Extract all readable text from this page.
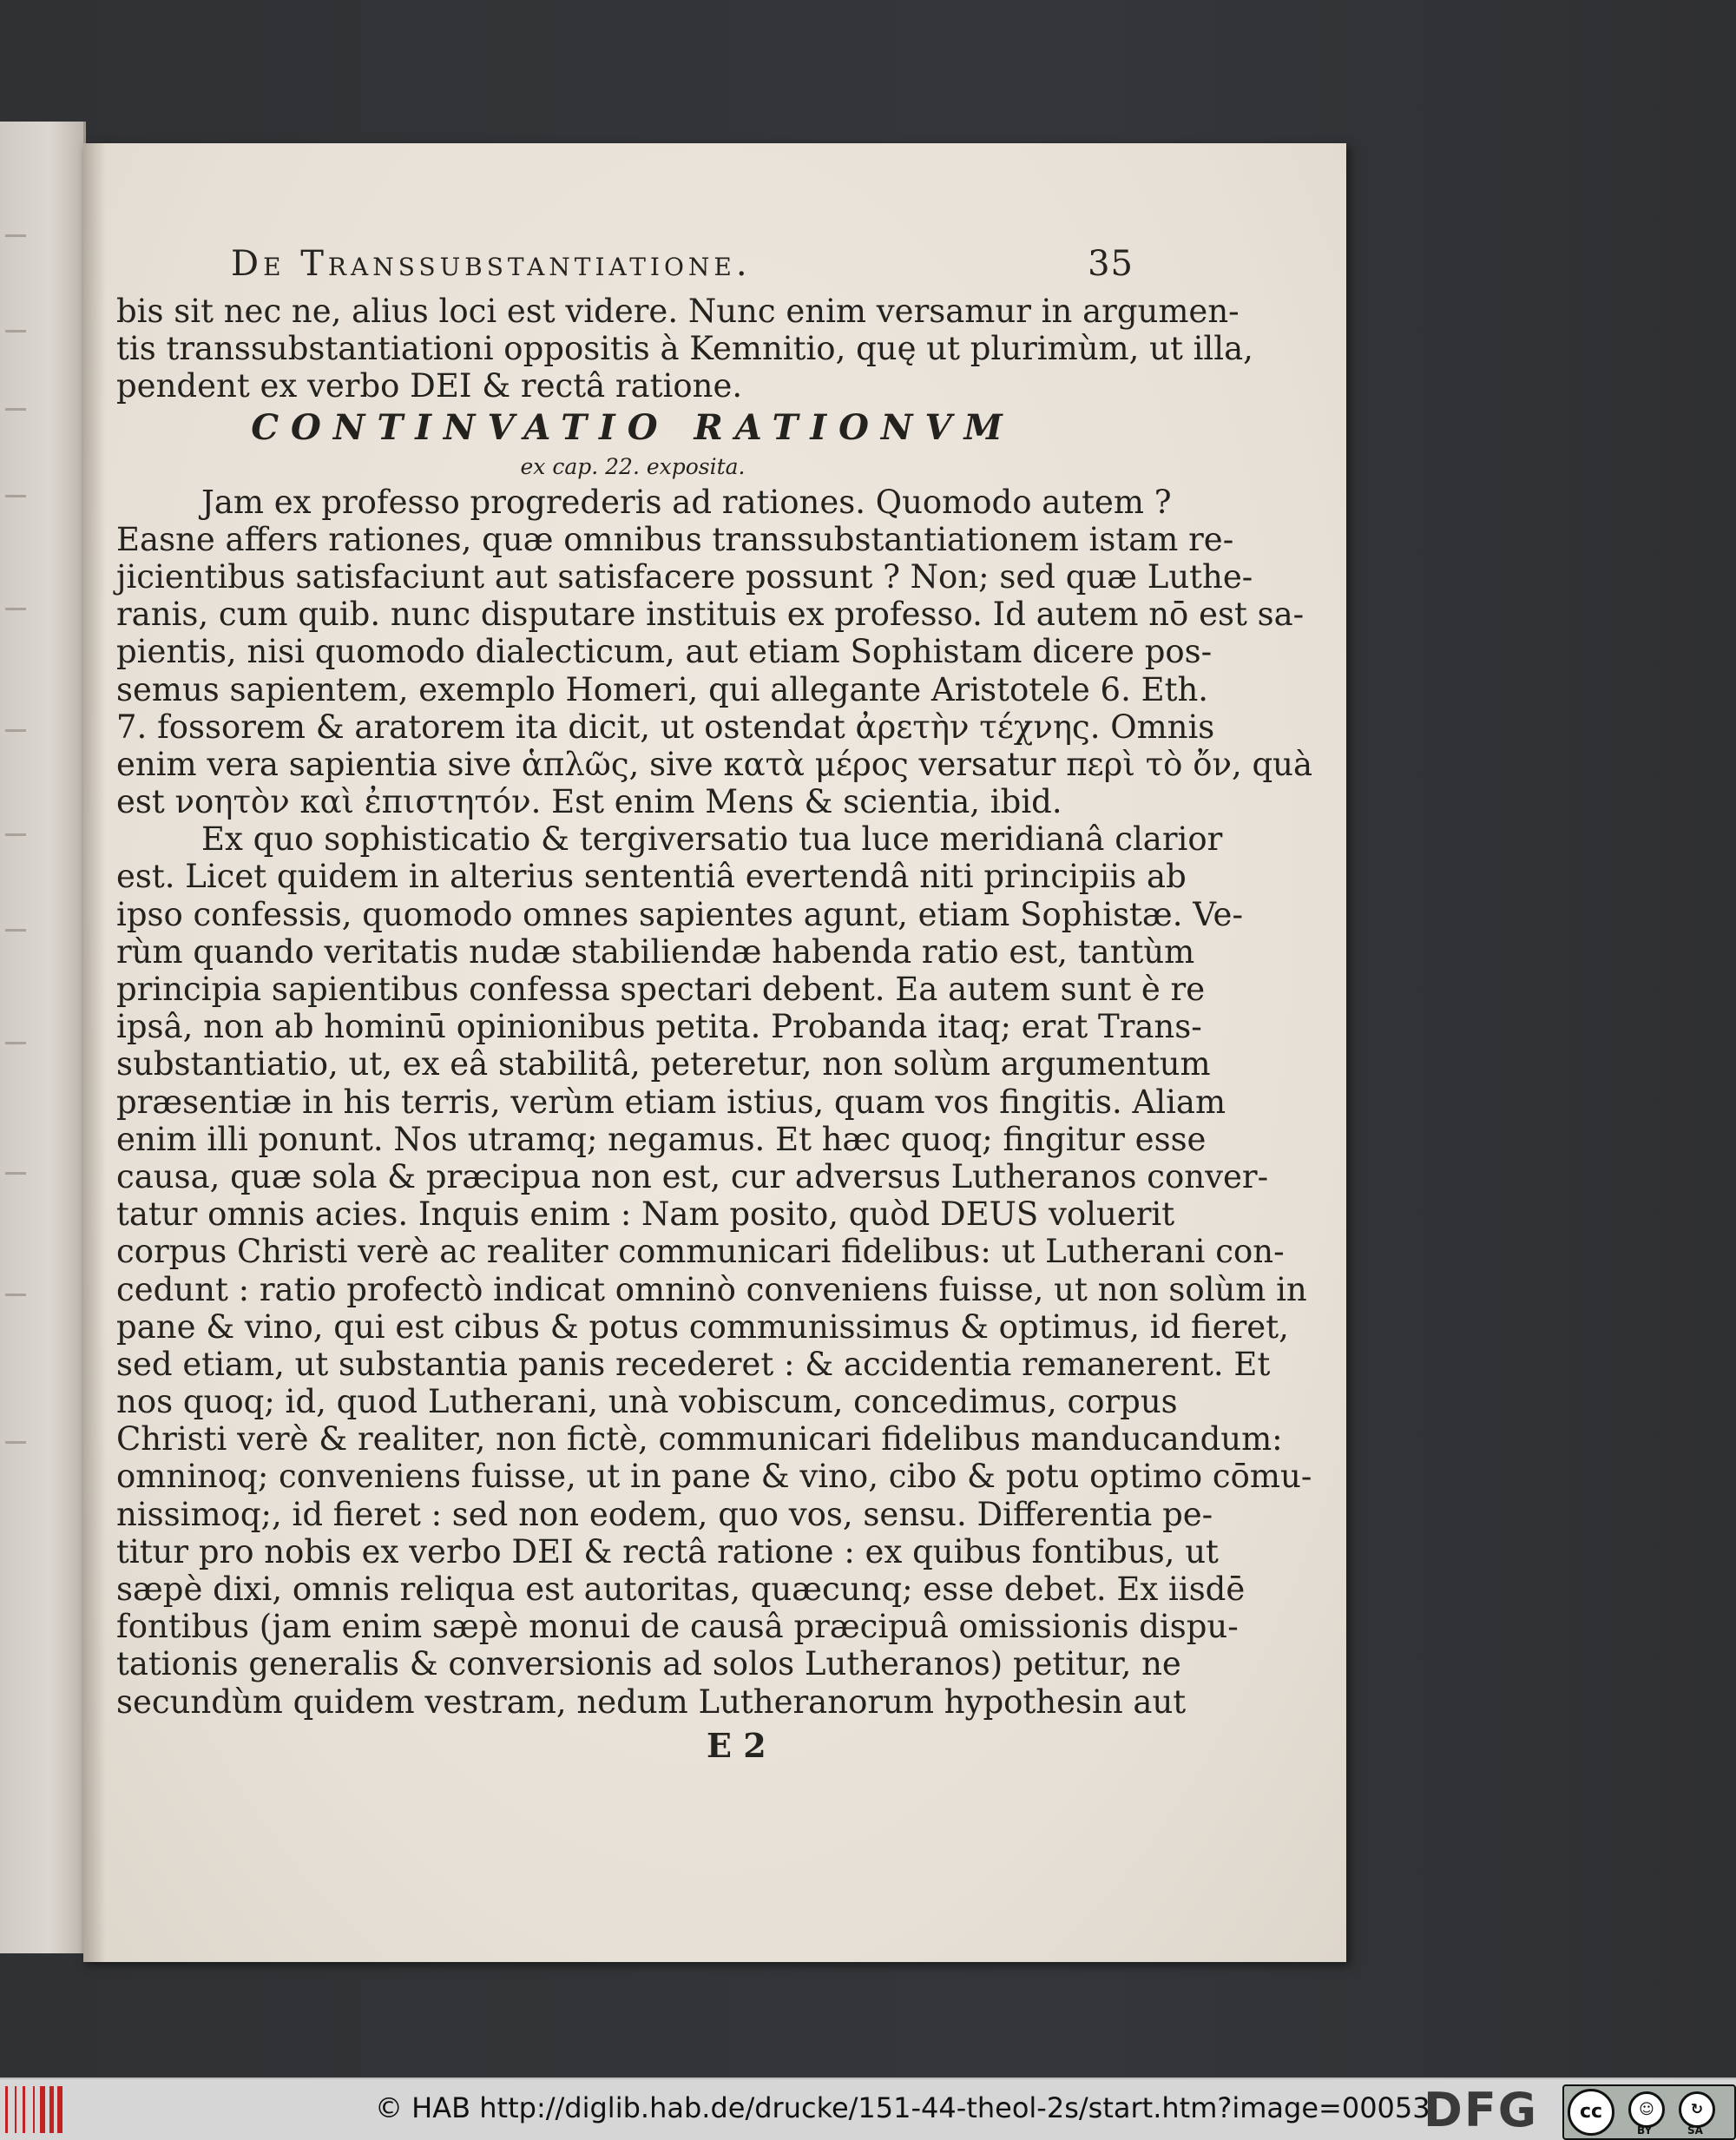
De Transsubstantiatione.	35
bis sit nec ne, alius loci est videre. Nunc enim versamur in argumen-
tis transsubstantiationi oppositis à Kemnitio, quę ut plurimùm, ut illa,
pendent ex verbo DEI & rectâ ratione.
CONTINVATIO RATIONVM
ex cap. 22. exposita.
Jam ex professo progrederis ad rationes. Quomodo autem ?
Easne affers rationes, quæ omnibus transsubstantiationem istam re-
jicientibus satisfaciunt aut satisfacere possunt ? Non; sed quæ Luthe-
ranis, cum quib. nunc disputare instituis ex professo. Id autem nō est sa-
pientis, nisi quomodo dialecticum, aut etiam Sophistam dicere pos-
semus sapientem, exemplo Homeri, qui allegante Aristotele 6. Eth.
7. fossorem & aratorem ita dicit, ut ostendat ἀρετὴν τέχνης. Omnis
enim vera sapientia sive ἁπλῶς, sive κατὰ μέρος versatur περὶ τὸ ὄν, quà
est νοητὸν καὶ ἐπιστητόν. Est enim Mens & scientia, ibid.
Ex quo sophisticatio & tergiversatio tua luce meridianâ clarior
est. Licet quidem in alterius sententiâ evertendâ niti principiis ab
ipso confessis, quomodo omnes sapientes agunt, etiam Sophistæ. Ve-
rùm quando veritatis nudæ stabiliendæ habenda ratio est, tantùm
principia sapientibus confessa spectari debent. Ea autem sunt è re
ipsâ, non ab hominū opinionibus petita. Probanda itaq; erat Trans-
substantiatio, ut, ex eâ stabilitâ, peteretur, non solùm argumentum
præsentiæ in his terris, verùm etiam istius, quam vos fingitis. Aliam
enim illi ponunt. Nos utramq; negamus. Et hæc quoq; fingitur esse
causa, quæ sola & præcipua non est, cur adversus Lutheranos conver-
tatur omnis acies. Inquis enim : Nam posito, quòd DEUS voluerit
corpus Christi verè ac realiter communicari fidelibus: ut Lutherani con-
cedunt : ratio profectò indicat omninò conveniens fuisse, ut non solùm in
pane & vino, qui est cibus & potus communissimus & optimus, id fieret,
sed etiam, ut substantia panis recederet : & accidentia remanerent. Et
nos quoq; id, quod Lutherani, unà vobiscum, concedimus, corpus
Christi verè & realiter, non fictè, communicari fidelibus manducandum:
omninoq; conveniens fuisse, ut in pane & vino, cibo & potu optimo cōmu-
nissimoq;, id fieret : sed non eodem, quo vos, sensu. Differentia pe-
titur pro nobis ex verbo DEI & rectâ ratione : ex quibus fontibus, ut
sæpè dixi, omnis reliqua est autoritas, quæcunq; esse debet. Ex iisdē
fontibus (jam enim sæpè monui de causâ præcipuâ omissionis dispu-
tationis generalis & conversionis ad solos Lutheranos) petitur, ne
secundùm quidem vestram, nedum Lutheranorum hypothesin aut
E 2
© HAB http://diglib.hab.de/drucke/151-44-theol-2s/start.htm?image=00053
DFG	cc	☺	↻
BY	SA
